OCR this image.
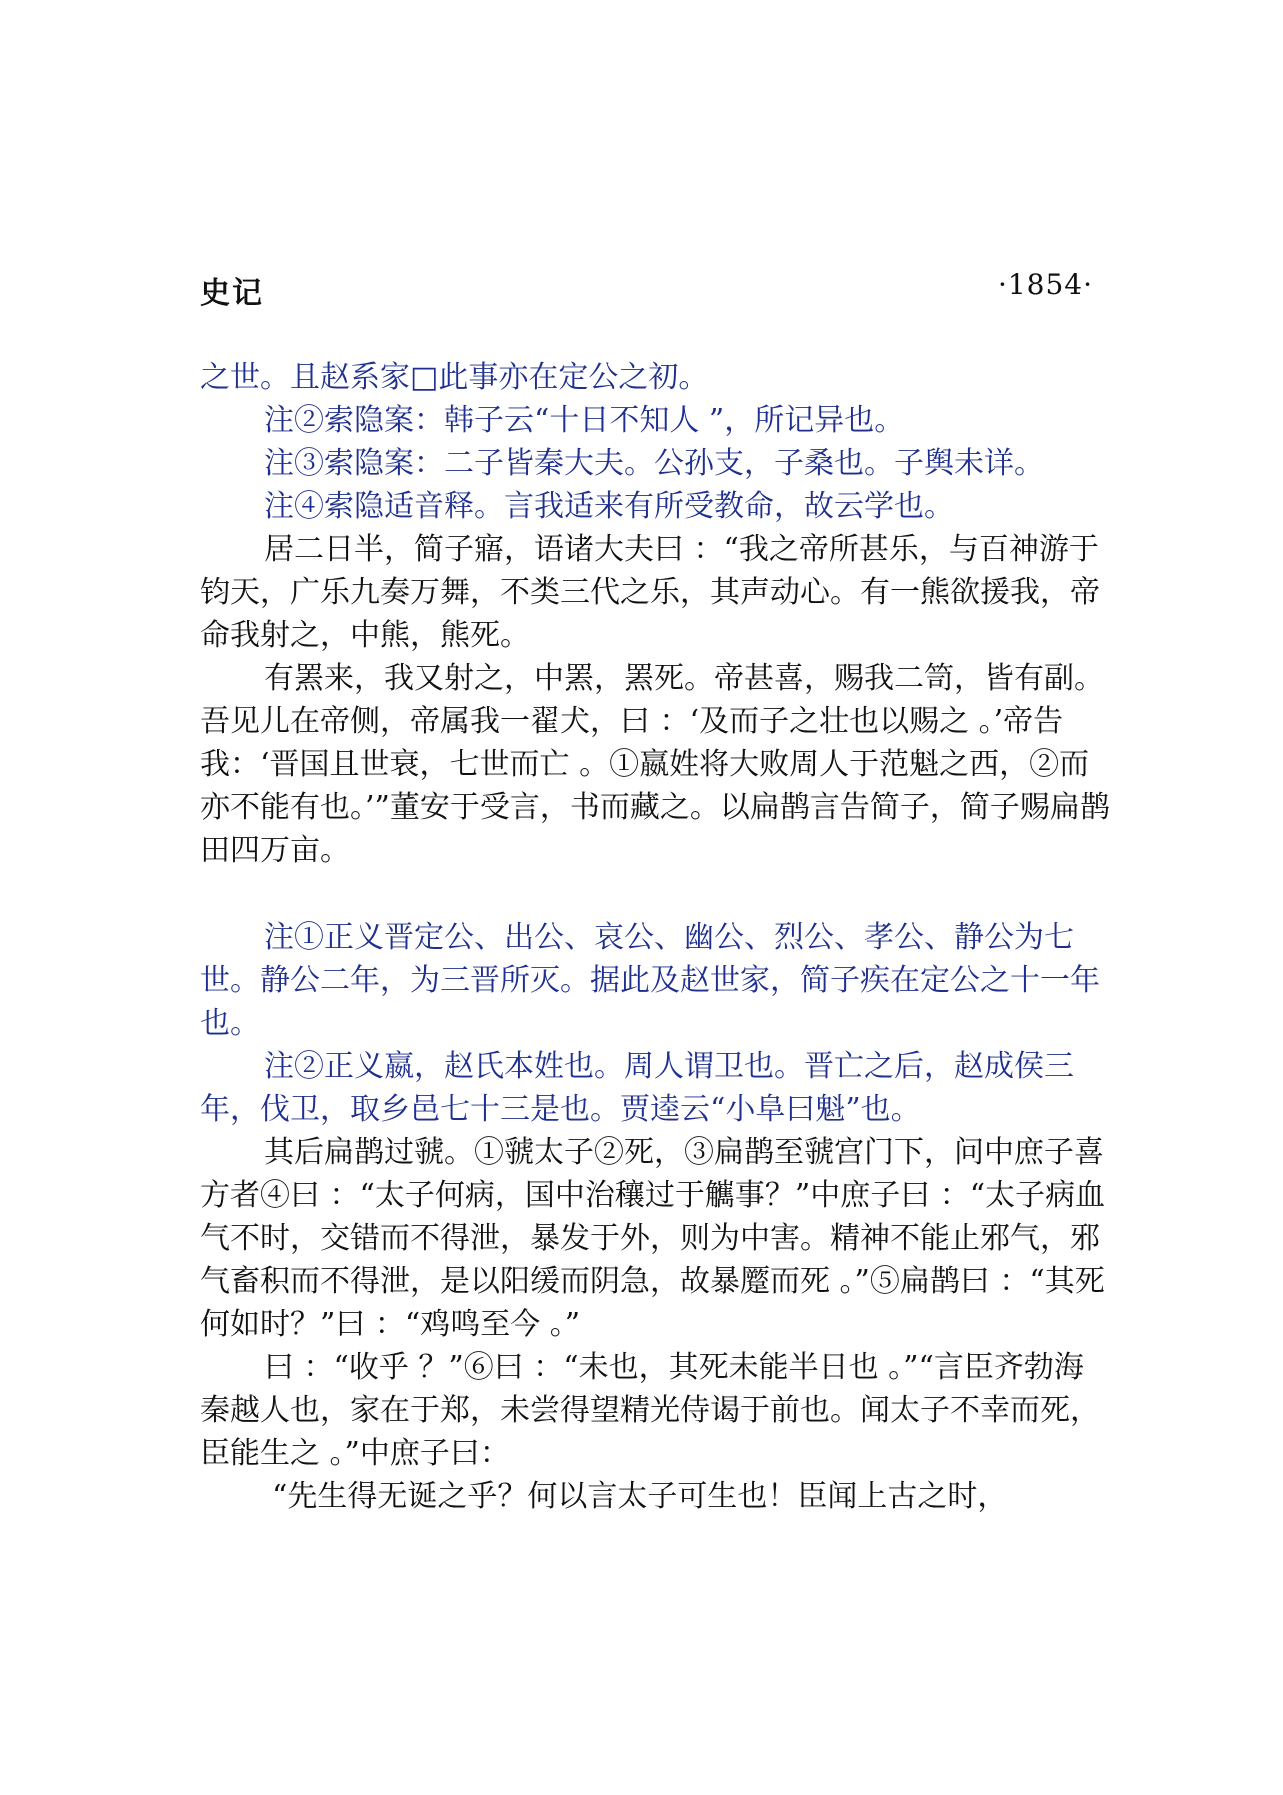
史记	·1854·

之世。且赵系家□此事亦在定公之初。

注②索隐案：韩子云“十日不知人 ”，所记异也。

注③索隐案：二子皆秦大夫。公孙支，子桑也。子舆未详。

注④索隐适音释。言我适来有所受教命，故云学也。

居二日半，简子寤，语诸大夫曰 ：“我之帝所甚乐，与百神游于钧天，广乐九奏万舞，不类三代之乐，其声动心。有一熊欲援我，帝命我射之，中熊，熊死。

有罴来，我又射之，中罴，罴死。帝甚喜，赐我二笥，皆有副。吾见儿在帝侧，帝属我一翟犬，曰 ：‘及而子之壮也以赐之 。’帝告我：‘晋国且世衰，七世而亡 。①嬴姓将大败周人于范魁之西，②而亦不能有也。’”董安于受言，书而藏之。以扁鹊言告简子，简子赐扁鹊田四万亩。

注①正义晋定公、出公、哀公、幽公、烈公、孝公、静公为七世。静公二年，为三晋所灭。据此及赵世家，简子疾在定公之十一年也。

注②正义嬴，赵氏本姓也。周人谓卫也。晋亡之后，赵成侯三年，伐卫，取乡邑七十三是也。贾逵云“小阜曰魁”也。

其后扁鹊过虢。①虢太子②死，③扁鹊至虢宫门下，问中庶子喜方者④曰 ：“太子何病，国中治穰过于觽事？”中庶子曰 ：“太子病血气不时，交错而不得泄，暴发于外，则为中害。精神不能止邪气，邪气畜积而不得泄，是以阳缓而阴急，故暴蹷而死 。”⑤扁鹊曰 ：“其死何如时？”曰 ：“鸡鸣至今 。”

曰 ：“收乎 ？”⑥曰 ：“未也，其死未能半日也 。”“言臣齐勃海秦越人也，家在于郑，未尝得望精光侍谒于前也。闻太子不幸而死，臣能生之 。”中庶子曰：

“先生得无诞之乎？何以言太子可生也！臣闻上古之时，
